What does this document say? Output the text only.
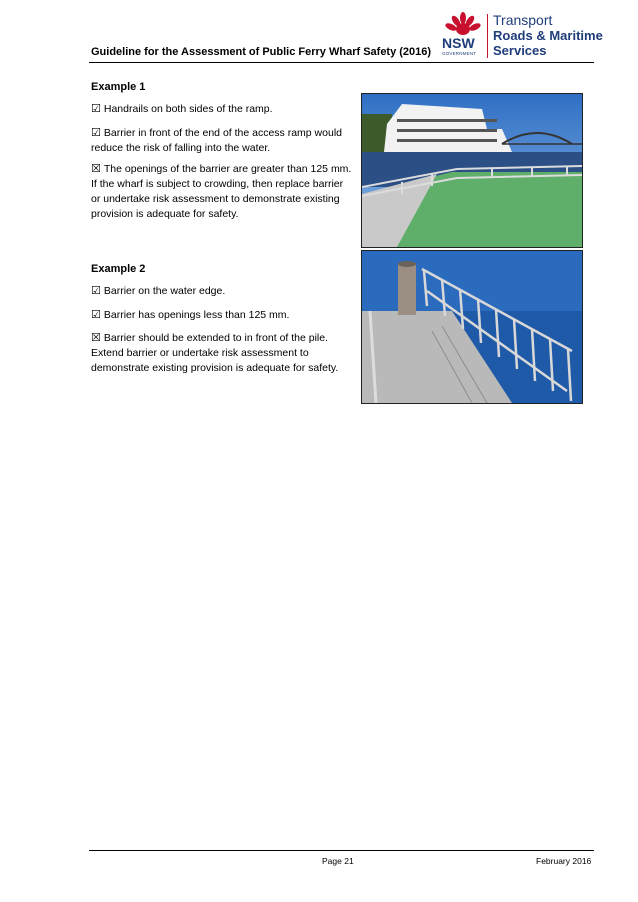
Guideline for the Assessment of Public Ferry Wharf Safety (2016)
NSW
GOVERNMENT
Transport
Roads & Maritime
Services
Example 1
☑ Handrails on both sides of the ramp.
☑ Barrier in front of the end of the access ramp would reduce the risk of falling into the water.
☒ The openings of the barrier are greater than 125 mm. If the wharf is subject to crowding, then replace barrier or undertake risk assessment to demonstrate existing provision is adequate for safety.
Example 2
☑ Barrier on the water edge.
☑ Barrier has openings less than 125 mm.
☒ Barrier should be extended to in front of the pile. Extend barrier or undertake risk assessment to demonstrate existing provision is adequate for safety.
Page 21	February 2016
